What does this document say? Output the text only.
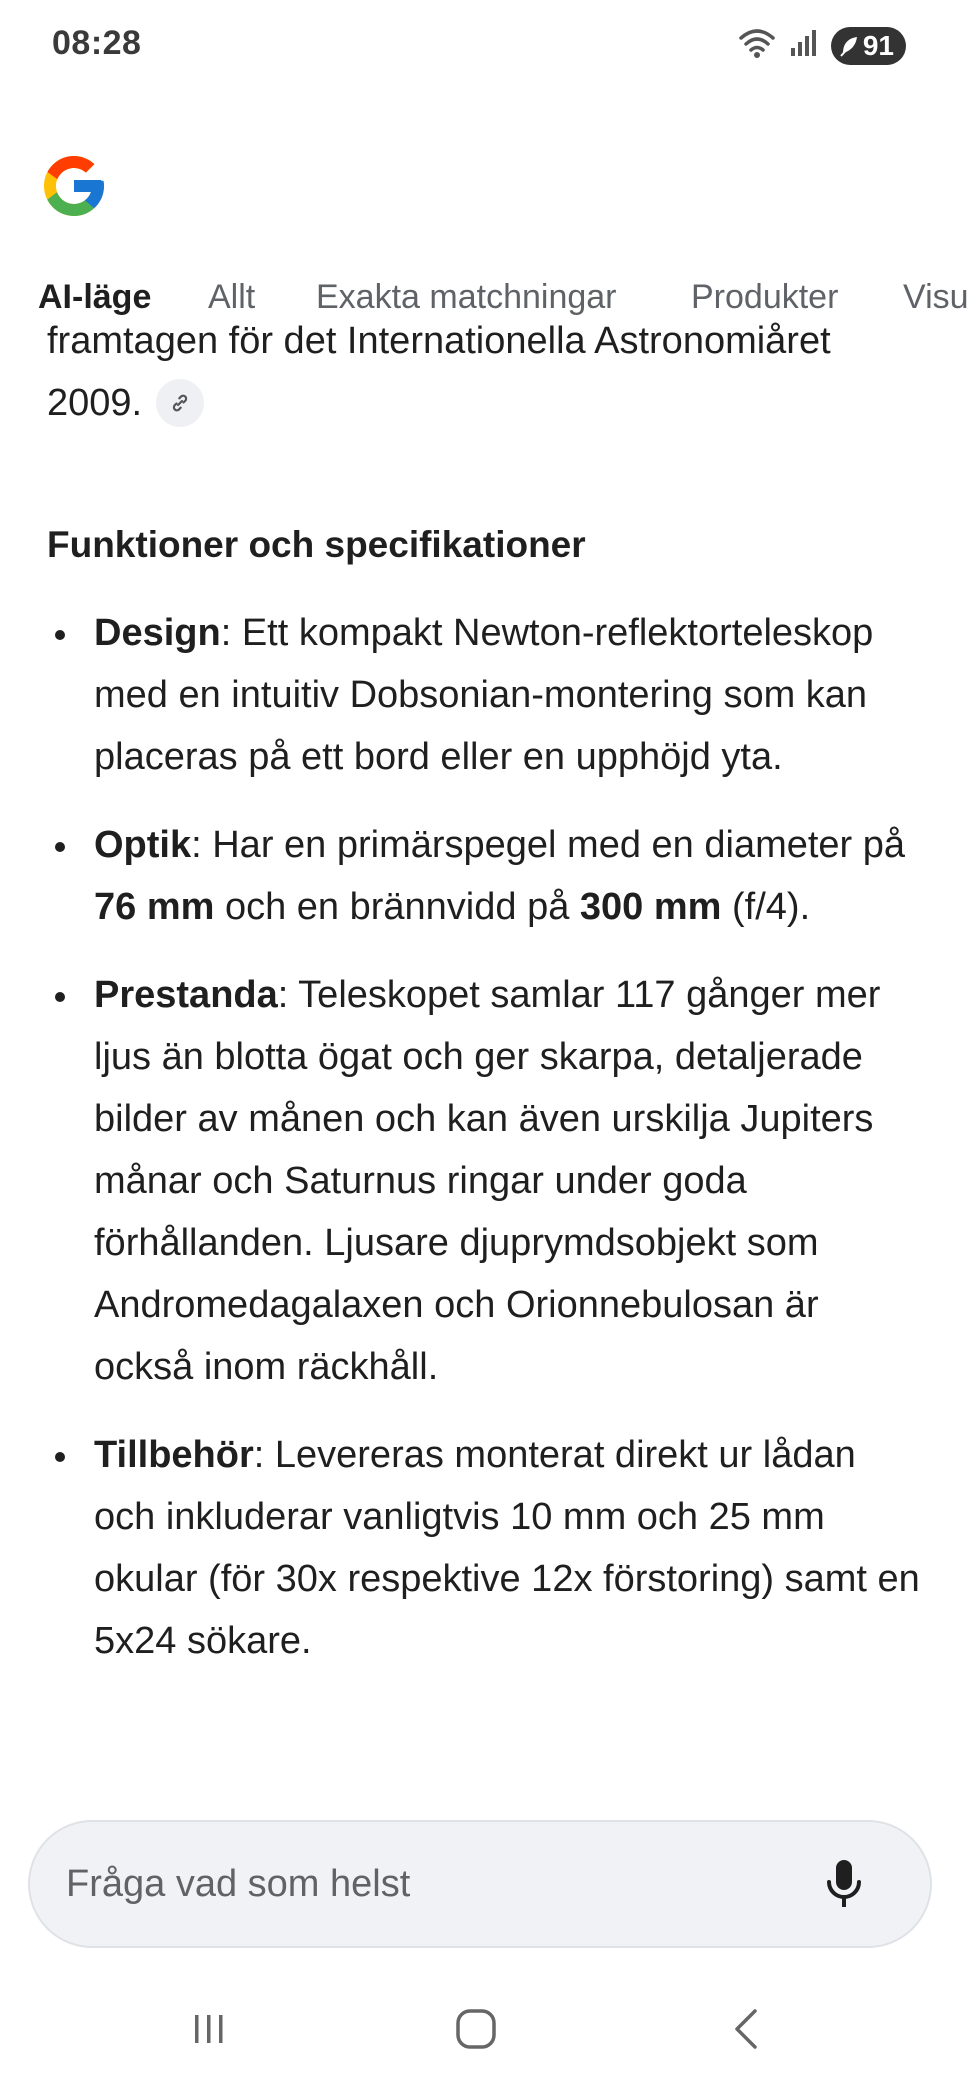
08:28	91
AI-läge Allt Exakta matchningar Produkter Visu
framtagen för det Internationella Astronomiåret
2009.
Funktioner och specifikationer
Design: Ett kompakt Newton-reflektorteleskop med en intuitiv Dobsonian-montering som kan placeras på ett bord eller en upphöjd yta.
Optik: Har en primärspegel med en diameter på 76 mm och en brännvidd på 300 mm (f/4).
Prestanda: Teleskopet samlar 117 gånger mer ljus än blotta ögat och ger skarpa, detaljerade bilder av månen och kan även urskilja Jupiters månar och Saturnus ringar under goda förhållanden. Ljusare djuprymdsobjekt som Andromedagalaxen och Orionnebulosan är också inom räckhåll.
Tillbehör: Levereras monterat direkt ur lådan och inkluderar vanligtvis 10 mm och 25 mm okular (för 30x respektive 12x förstoring) samt en 5x24 sökare.
Fråga vad som helst
